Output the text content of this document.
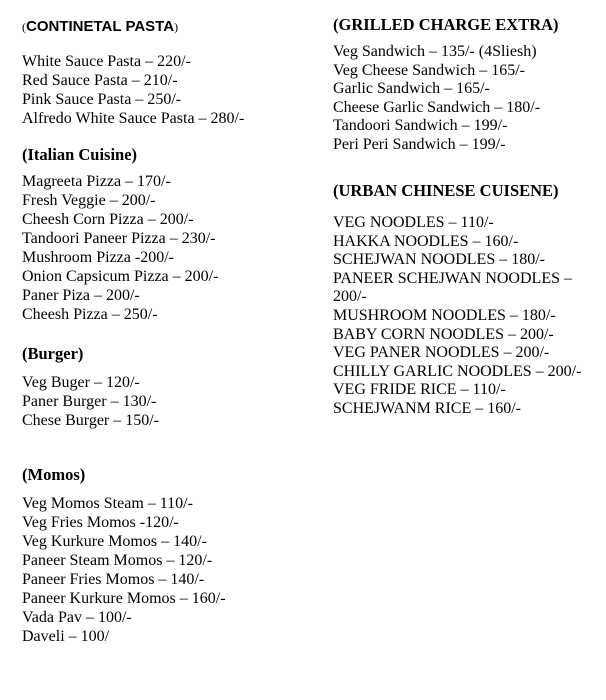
(CONTINETAL PASTA)

White Sauce Pasta – 220/-
Red Sauce Pasta – 210/-
Pink Sauce Pasta – 250/-
Alfredo White Sauce Pasta – 280/-

(Italian Cuisine)

Magreeta Pizza – 170/-
Fresh Veggie – 200/-
Cheesh Corn Pizza – 200/-
Tandoori Paneer Pizza – 230/-
Mushroom Pizza -200/-
Onion Capsicum Pizza – 200/-
Paner Piza – 200/-
Cheesh Pizza – 250/-

(Burger)

Veg Buger – 120/-
Paner Burger – 130/-
Chese Burger – 150/-

(Momos)

Veg Momos Steam – 110/-
Veg Fries Momos -120/-
Veg Kurkure Momos – 140/-
Paneer Steam Momos – 120/-
Paneer Fries Momos – 140/-
Paneer Kurkure Momos – 160/-
Vada Pav – 100/-
Daveli – 100/

(GRILLED CHARGE EXTRA)

Veg Sandwich – 135/- (4Sliesh)
Veg Cheese Sandwich – 165/-
Garlic Sandwich – 165/-
Cheese Garlic Sandwich – 180/-
Tandoori Sandwich – 199/-
Peri Peri Sandwich – 199/-

(URBAN CHINESE CUISENE)

VEG NOODLES – 110/-
HAKKA NOODLES – 160/-
SCHEJWAN NOODLES – 180/-
PANEER SCHEJWAN NOODLES – 200/-
MUSHROOM NOODLES – 180/-
BABY CORN NOODLES – 200/-
VEG PANER NOODLES – 200/-
CHILLY GARLIC NOODLES – 200/-
VEG FRIDE RICE – 110/-
SCHEJWANM RICE – 160/-
